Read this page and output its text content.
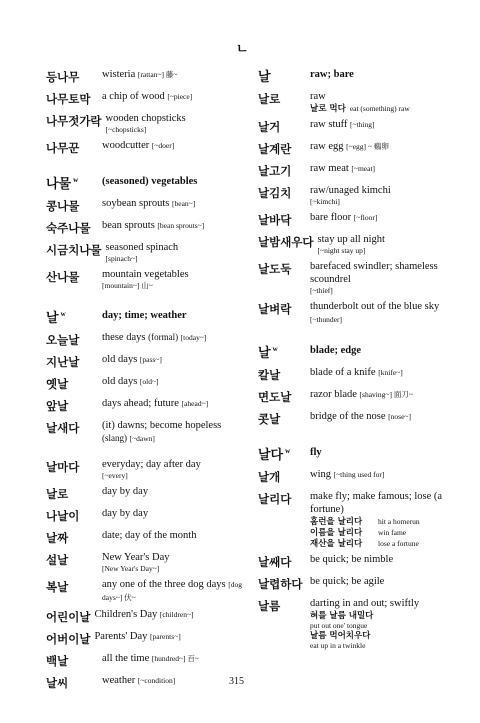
ㄴ
등나무	wisteria [rattan~] 藤~
나무토막	a chip of wood [~piece]
나무젓가락 wooden chopsticks
[~chopsticks]
나무꾼	woodcutter [~doer]
나물 $^w$	(seasoned) vegetables
콩나물	soybean sprouts [bean~]
숙주나물	bean sprouts [bean sprouts~]
시금치나물 seasoned spinach
[spinach~]
산나물	mountain vegetables
[mountain~] 山~
날 $^w$	day; time; weather
오늘날	these days (formal) [today~]
지난날	old days [pass~]
옛날	old days [old~]
앞날	days ahead; future [ahead~]
날새다	(it) dawns; become hopeless (slang) [~dawn]
날마다	everyday; day after day
[~every]
날로	day by day
나날이	day by day
날짜	date; day of the month
설날	New Year's Day
[New Year's Day~]
복날	any one of the three dog days [dog days~] 伏~
어린이날 Children's Day [children~]
어버이날 Parents' Day [parents~]
백날	all the time [hundred~] 百~
날씨	weather [~condition]
날	raw; bare
날로	raw
날로 먹다 eat (something) raw
날거	raw stuff [~thing]
날계란	raw egg [~egg] ~ 鷄卵
날고기	raw meat [~meat]
날김치	raw/unaged kimchi
[~kimchi]
날바닥	bare floor [~floor]
날밤새우다 stay up all night
[~night stay up]
날도둑	barefaced swindler; shameless scoundrel
[~thief]
날벼락	thunderbolt out of the blue sky [~thunder]
날 $^w$	blade; edge
칼날	blade of a knife [knife~]
면도날	razor blade [shaving~] 面刀~
콧날	bridge of the nose [nose~]
날다 $^w$	fly
날개	wing [~thing used for]
날리다	make fly; make famous; lose (a fortune)
홈런을 날리다	hit a homerun
이름을 날리다	win fame
재산을 날리다	lose a fortune
날쌔다	be quick; be nimble
날렵하다 be quick; be agile
날름	darting in and out; swiftly
혀를 날름 내밀다
put out one' tongue
날름 먹어치우다
eat up in a twinkle
315
